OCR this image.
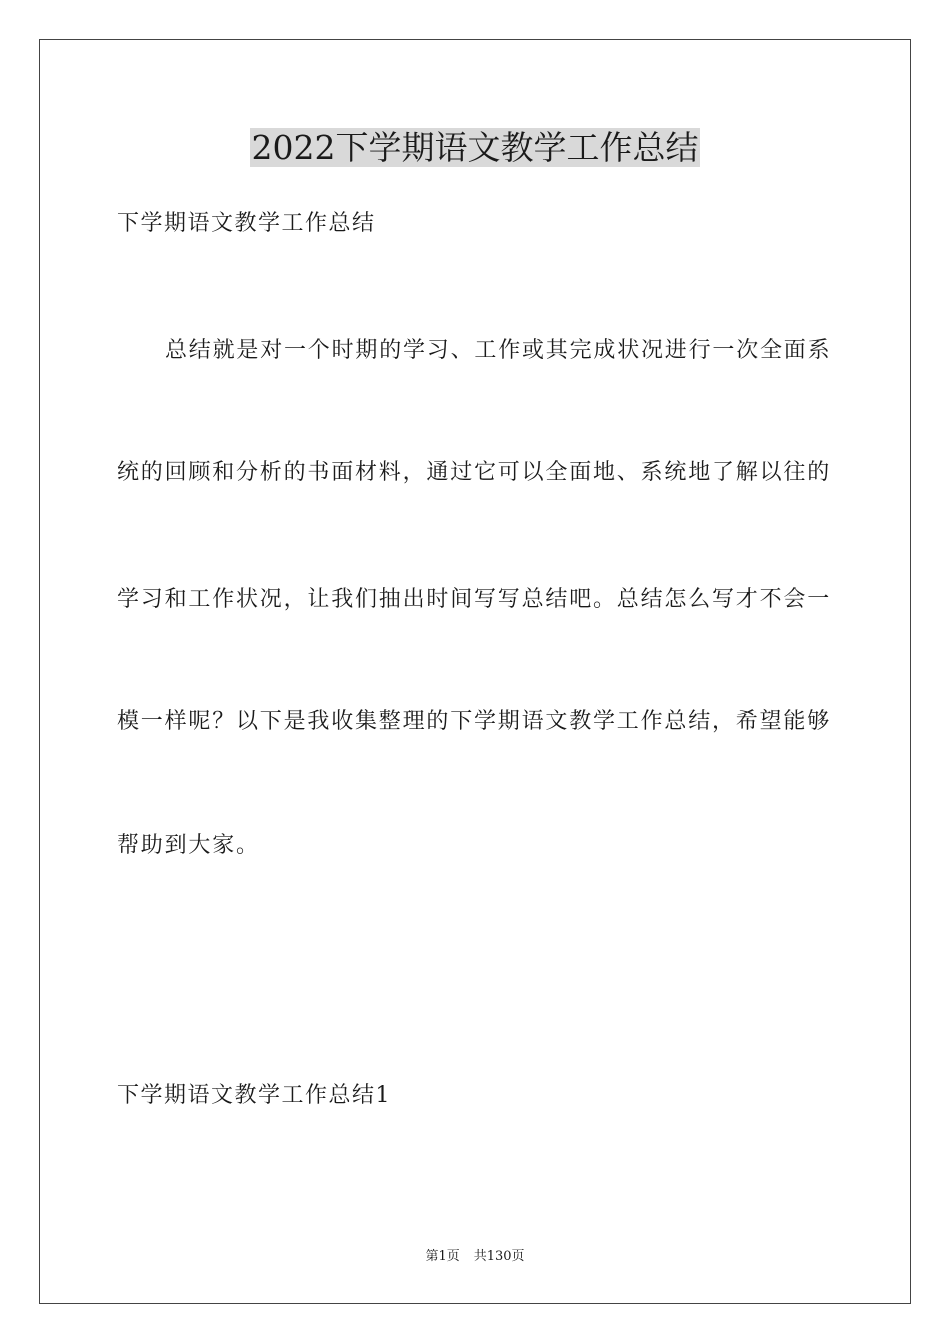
2022下学期语文教学工作总结
下学期语文教学工作总结
总结就是对一个时期的学习、工作或其完成状况进行一次全面系
统的回顾和分析的书面材料，通过它可以全面地、系统地了解以往的
学习和工作状况，让我们抽出时间写写总结吧。总结怎么写才不会一
模一样呢？以下是我收集整理的下学期语文教学工作总结，希望能够
帮助到大家。
下学期语文教学工作总结1
第1页 共130页
